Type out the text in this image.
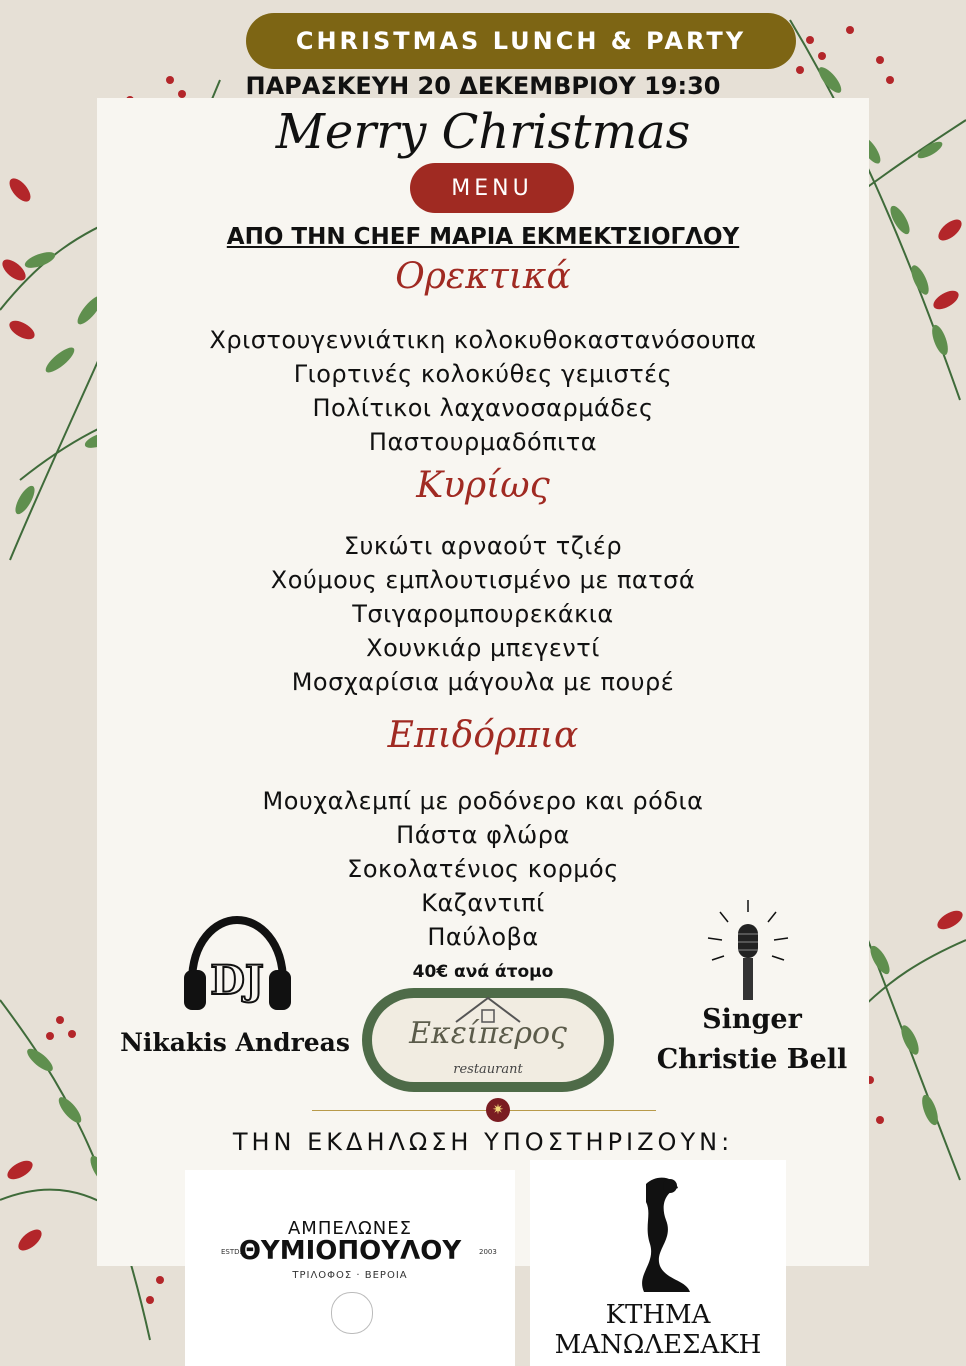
CHRISTMAS LUNCH & PARTY
ΠΑΡΑΣΚΕΥΗ 20 ΔΕΚΕΜΒΡΙΟΥ 19:30
Merry Christmas
MENU
ΑΠΟ ΤΗΝ CHEF ΜΑΡΙΑ ΕΚΜΕΚΤΣΙΟΓΛΟΥ
Ορεκτικά
Χριστουγεννιάτικη κολοκυθοκαστανόσουπα
Γιορτινές κολοκύθες γεμιστές
Πολίτικοι λαχανοσαρμάδες
Παστουρμαδόπιτα
Κυρίως
Συκώτι αρναούτ τζιέρ
Χούμους εμπλουτισμένο με πατσά
Τσιγαρομπουρεκάκια
Χουνκιάρ μπεγεντί
Μοσχαρίσια μάγουλα με πουρέ
Επιδόρπια
Μουχαλεμπί με ροδόνερο και ρόδια
Πάστα φλώρα
Σοκολατένιος κορμός
Καζαντιπί
Παύλοβα
40€ ανά άτομο
DJ
Nikakis Andreas	Εκείπερος
restaurant
Singer
Christie Bell
✷
ΤΗΝ ΕΚΔΗΛΩΣΗ ΥΠΟΣΤΗΡΙΖΟΥΝ:
ΑΜΠΕΛΩΝΕΣ
ESTD.
ΘΥΜΙΟΠΟΥΛΟΥ	2003
ΤΡΙΛΟΦΟΣ · ΒΕΡΟΙΑ
ΚΤΗΜΑ
ΜΑΝΩΛΕΣΑΚΗ
